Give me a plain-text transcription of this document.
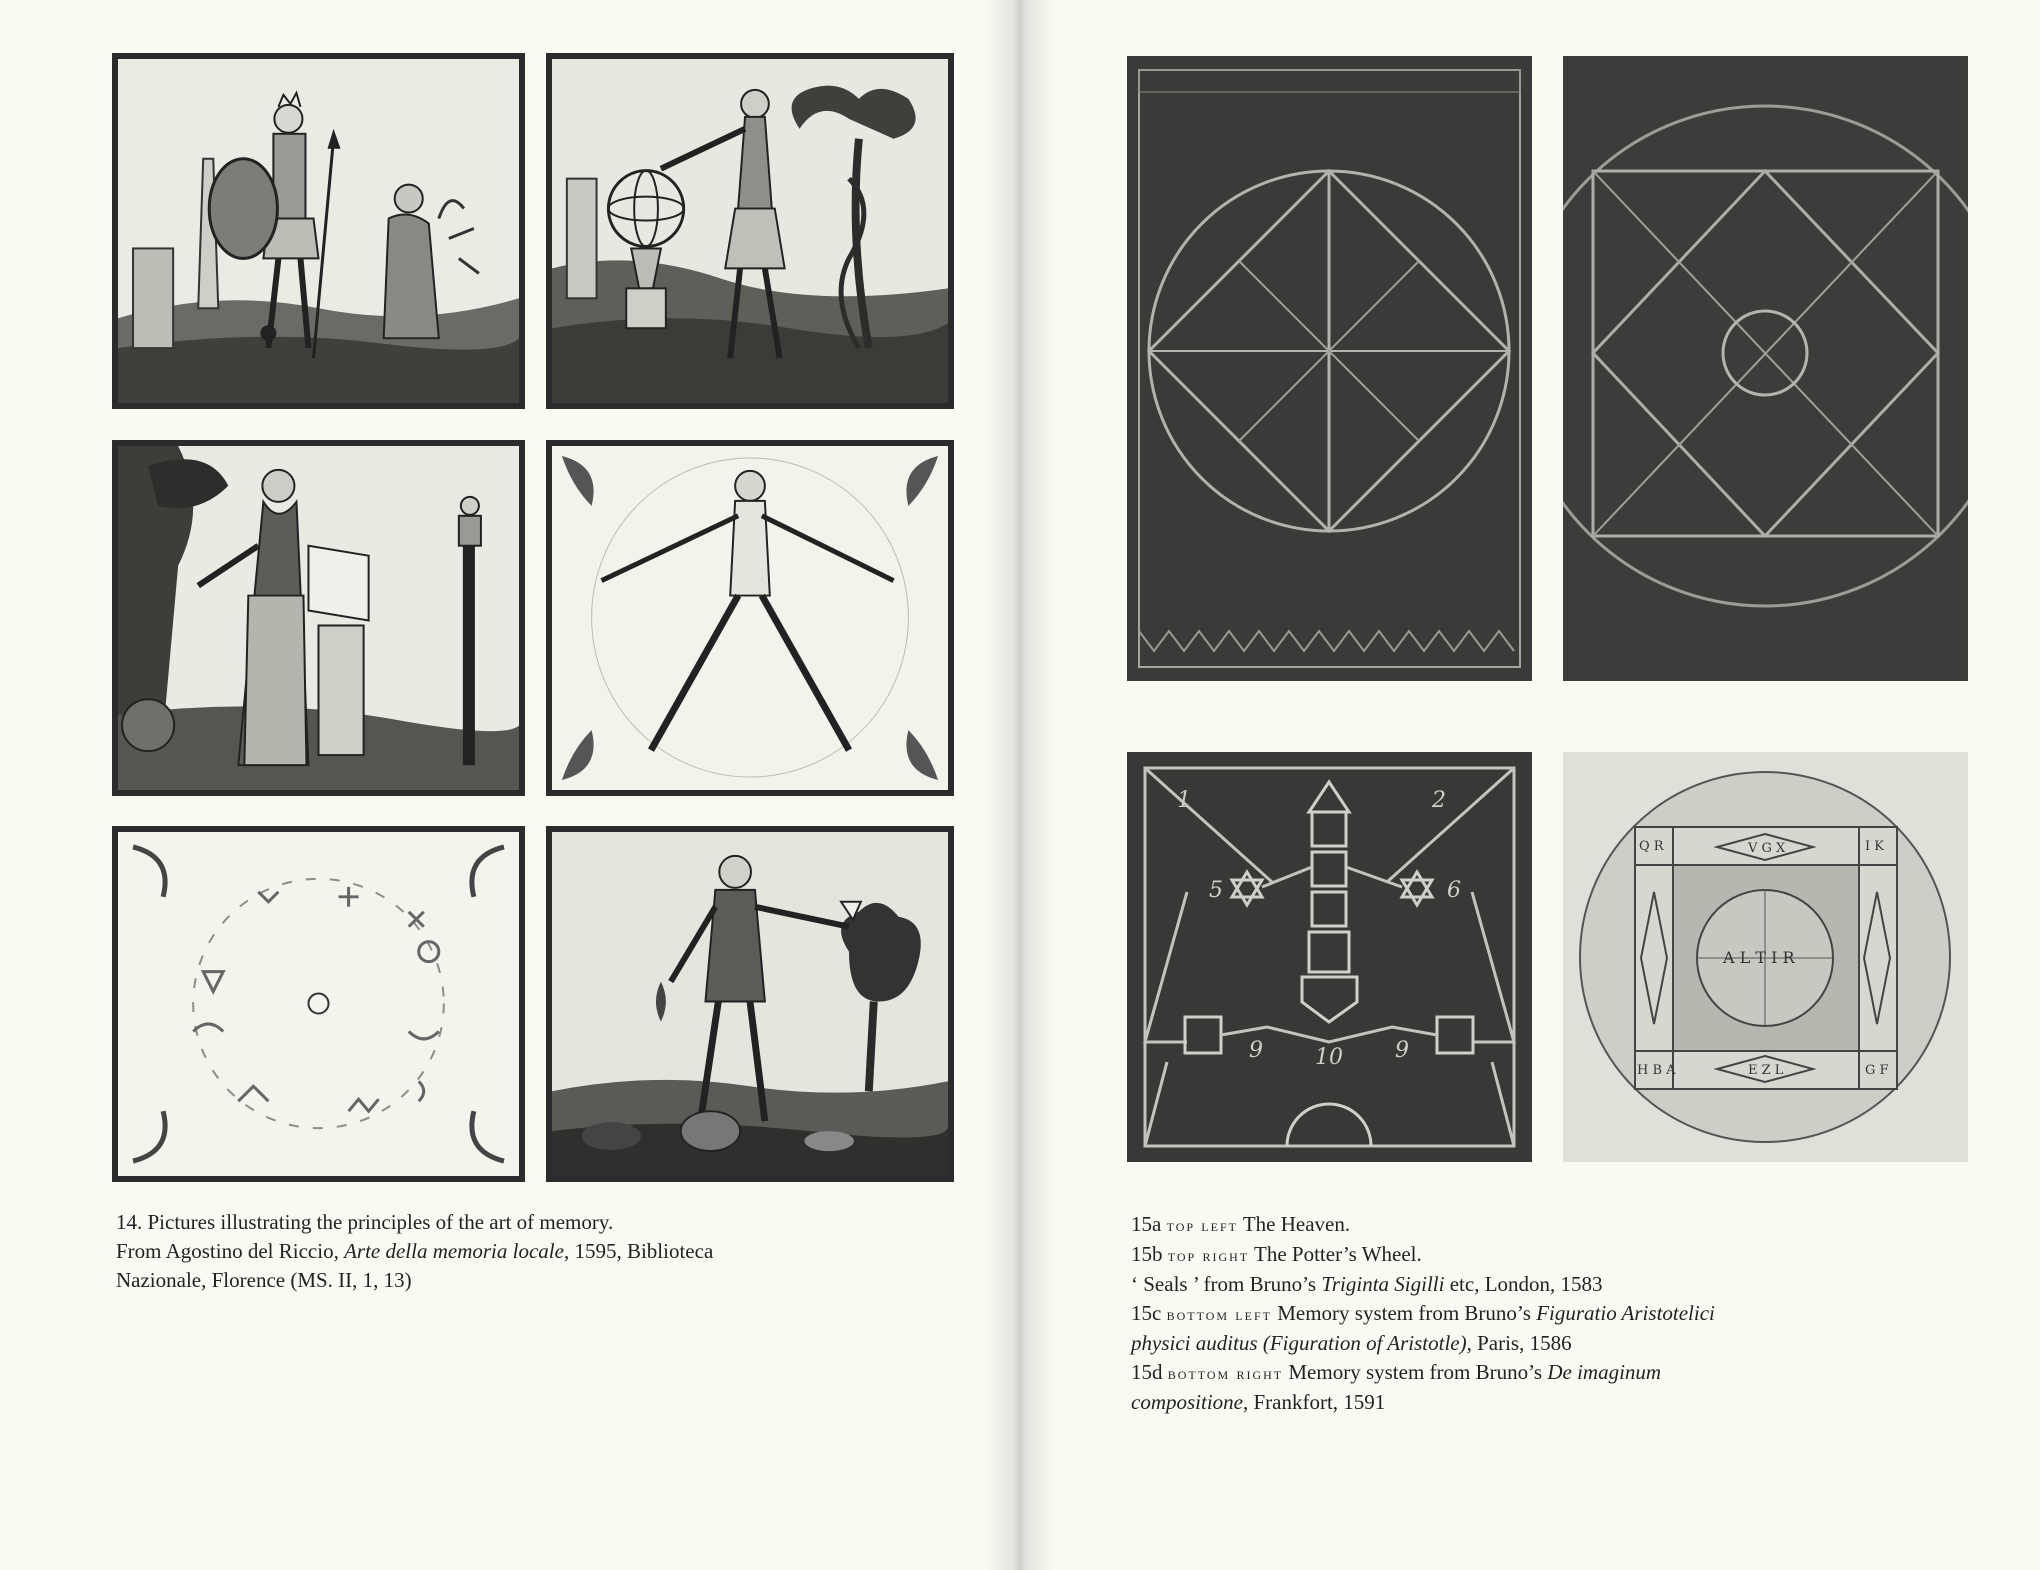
14. Pictures illustrating the principles of the art of memory.
From Agostino del Riccio, Arte della memoria locale, 1595, Biblioteca
Nazionale, Florence (MS. II, 1, 13)
1	2
5	6
9 10 9
Q R	I K
H B A	G F
V G X
E Z L
A L T I R
15a top left The Heaven.
15b top right The Potter’s Wheel.
‘ Seals ’ from Bruno’s Triginta Sigilli etc, London, 1583
15c bottom left Memory system from Bruno’s Figuratio Aristotelici
physici auditus (Figuration of Aristotle), Paris, 1586
15d bottom right Memory system from Bruno’s De imaginum
compositione, Frankfort, 1591
